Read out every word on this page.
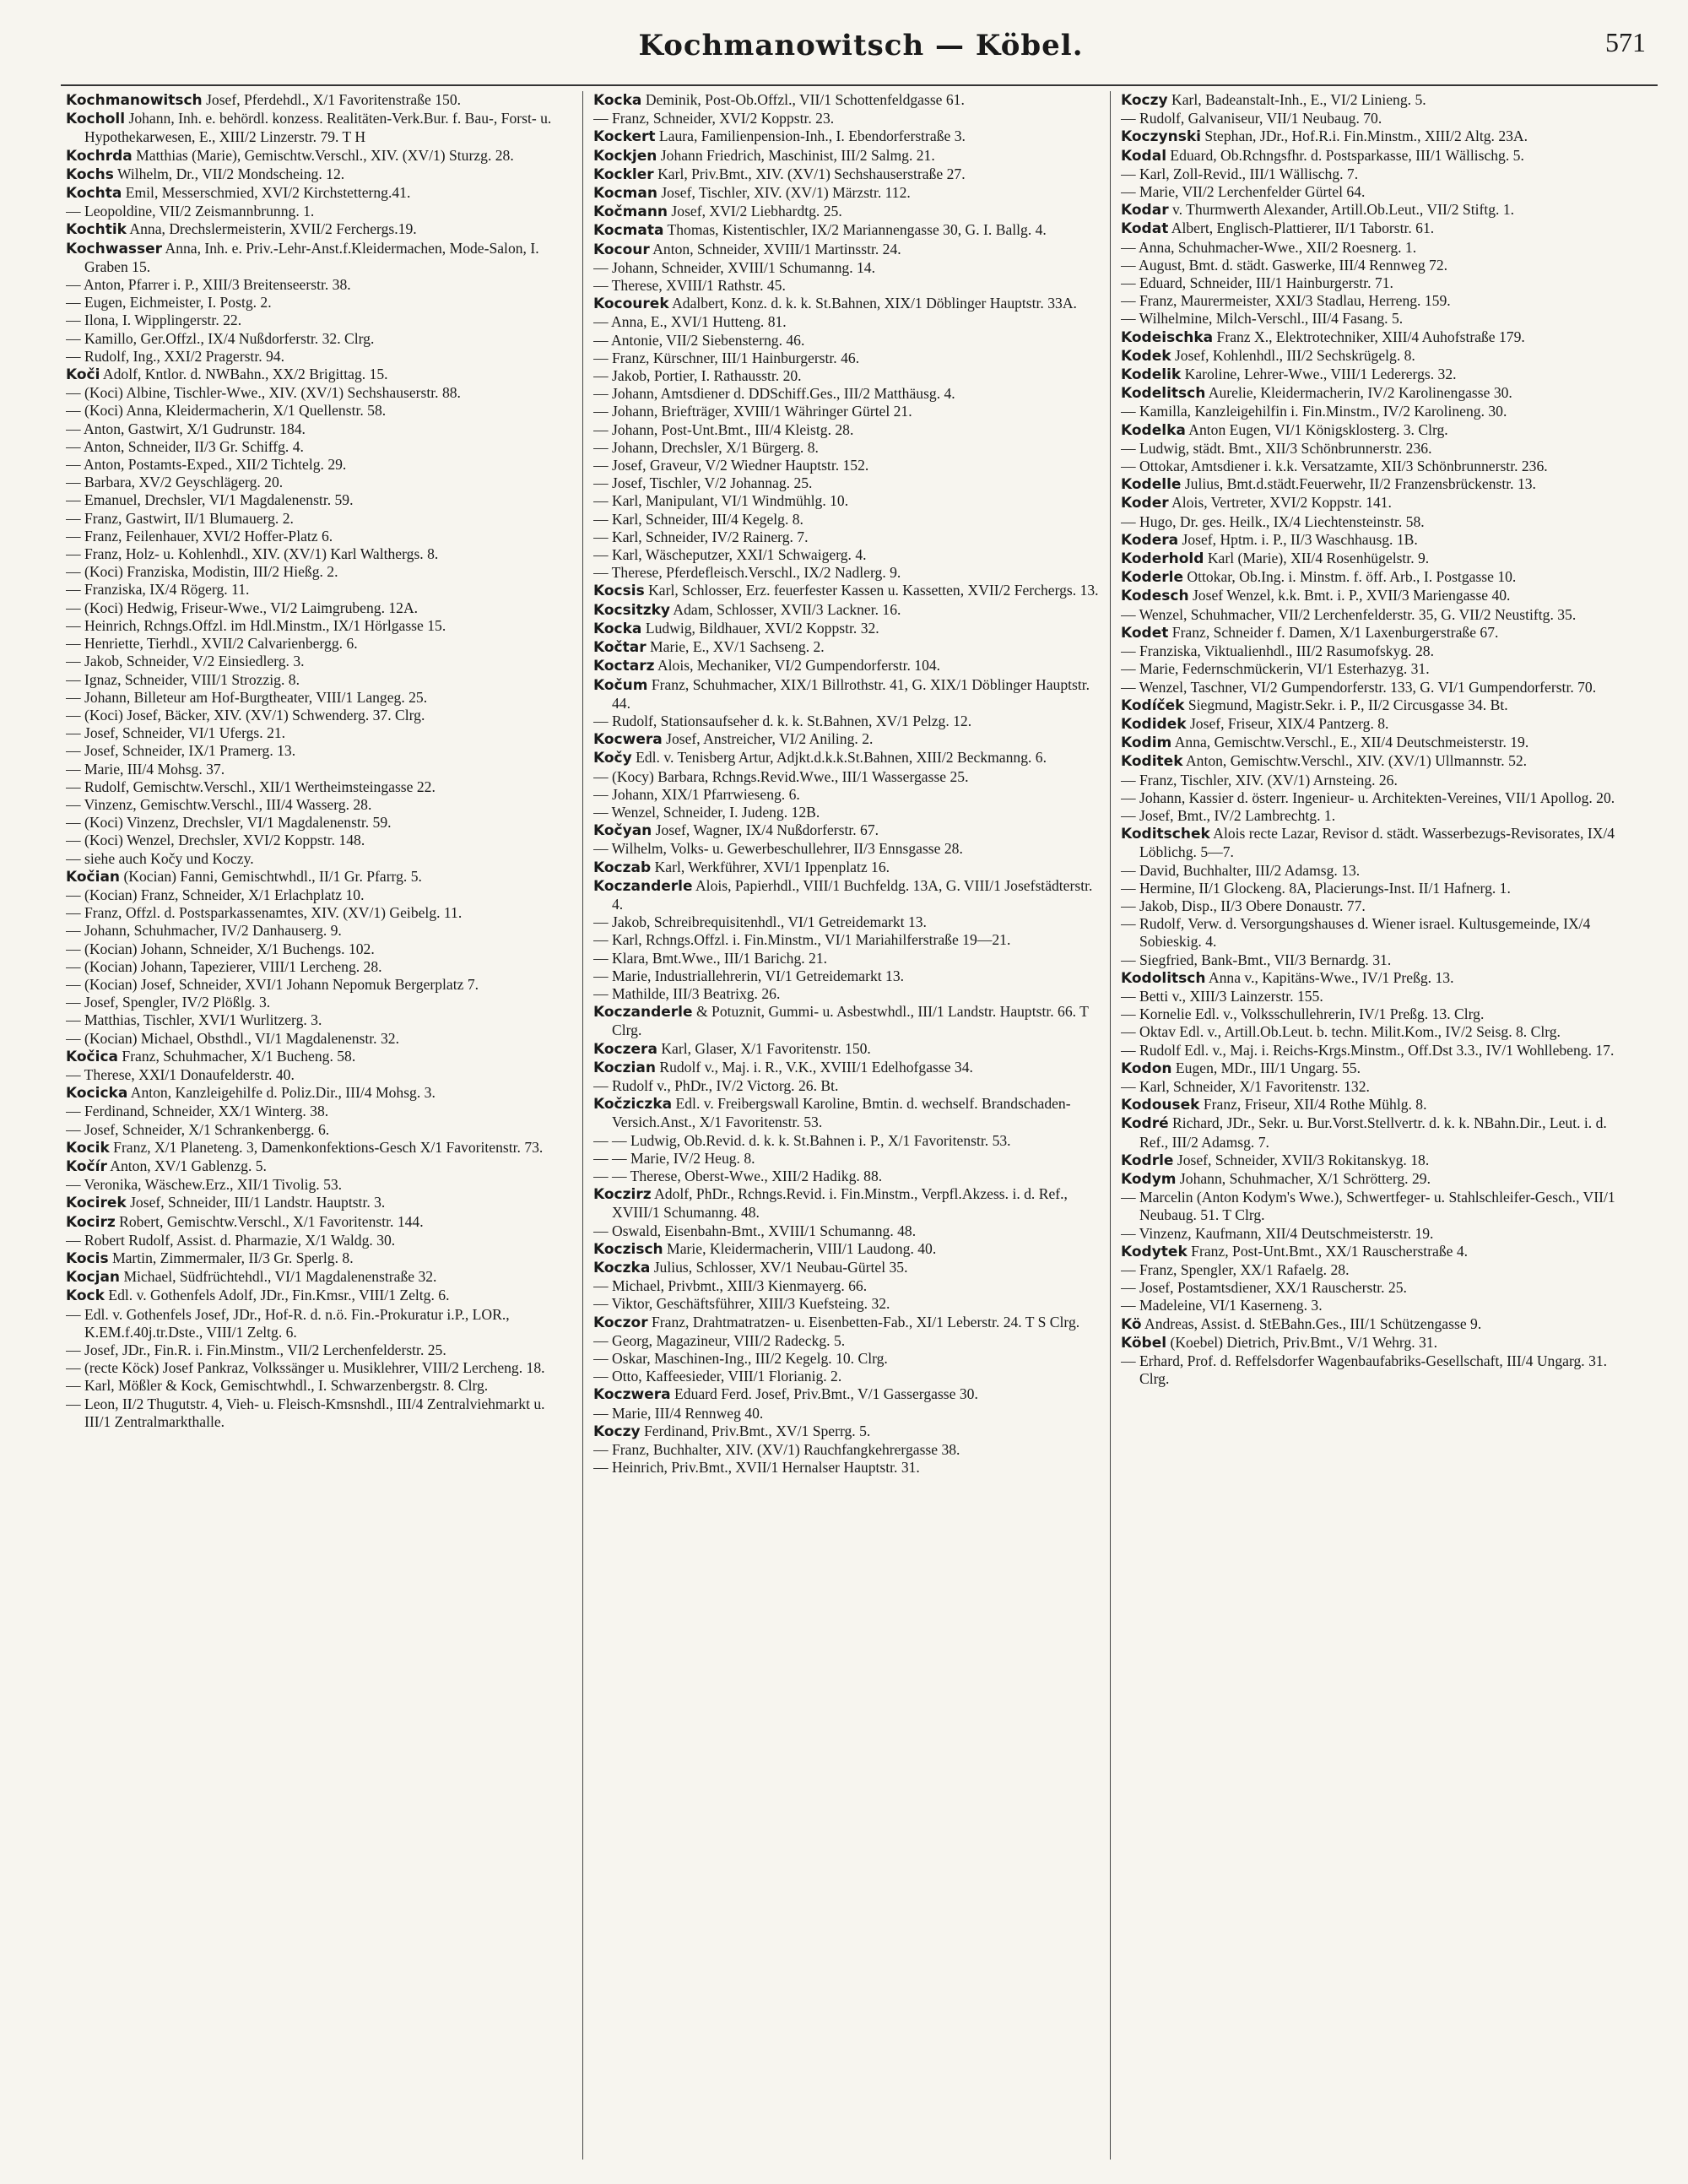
Kochmanowitsch — Köbel.	571

Kochmanowitsch Josef, Pferdehdl., X/1 Favoritenstraße 150.

Kocholl Johann, Inh. e. behördl. konzess. Realitäten-Verk.Bur. f. Bau-, Forst- u. Hypothekarwesen, E., XIII/2 Linzerstr. 79. T H

Kochrda Matthias (Marie), Gemischtw.Verschl., XIV. (XV/1) Sturzg. 28.

Kochs Wilhelm, Dr., VII/2 Mondscheing. 12.

Kochta Emil, Messerschmied, XVI/2 Kirchstetterng.41.

— Leopoldine, VII/2 Zeismannbrunng. 1.

Kochtik Anna, Drechslermeisterin, XVII/2 Ferchergs.19.

Kochwasser Anna, Inh. e. Priv.-Lehr-Anst.f.Kleidermachen, Mode-Salon, I. Graben 15.

— Anton, Pfarrer i. P., XIII/3 Breitenseerstr. 38.

— Eugen, Eichmeister, I. Postg. 2.

— Ilona, I. Wipplingerstr. 22.

— Kamillo, Ger.Offzl., IX/4 Nußdorferstr. 32. Clrg.

— Rudolf, Ing., XXI/2 Pragerstr. 94.

Koči Adolf, Kntlor. d. NWBahn., XX/2 Brigittag. 15.

— (Koci) Albine, Tischler-Wwe., XIV. (XV/1) Sechshauserstr. 88.

— (Koci) Anna, Kleidermacherin, X/1 Quellenstr. 58.

— Anton, Gastwirt, X/1 Gudrunstr. 184.

— Anton, Schneider, II/3 Gr. Schiffg. 4.

— Anton, Postamts-Exped., XII/2 Tichtelg. 29.

— Barbara, XV/2 Geyschlägerg. 20.

— Emanuel, Drechsler, VI/1 Magdalenenstr. 59.

— Franz, Gastwirt, II/1 Blumauerg. 2.

— Franz, Feilenhauer, XVI/2 Hoffer-Platz 6.

— Franz, Holz- u. Kohlenhdl., XIV. (XV/1) Karl Walthergs. 8.

— (Koci) Franziska, Modistin, III/2 Hießg. 2.

— Franziska, IX/4 Rögerg. 11.

— (Koci) Hedwig, Friseur-Wwe., VI/2 Laimgrubeng. 12A.

— Heinrich, Rchngs.Offzl. im Hdl.Minstm., IX/1 Hörlgasse 15.

— Henriette, Tierhdl., XVII/2 Calvarienbergg. 6.

— Jakob, Schneider, V/2 Einsiedlerg. 3.

— Ignaz, Schneider, VIII/1 Strozzig. 8.

— Johann, Billeteur am Hof-Burgtheater, VIII/1 Langeg. 25.

— (Koci) Josef, Bäcker, XIV. (XV/1) Schwenderg. 37. Clrg.

— Josef, Schneider, VI/1 Ufergs. 21.

— Josef, Schneider, IX/1 Pramerg. 13.

— Marie, III/4 Mohsg. 37.

— Rudolf, Gemischtw.Verschl., XII/1 Wertheimsteingasse 22.

— Vinzenz, Gemischtw.Verschl., III/4 Wasserg. 28.

— (Koci) Vinzenz, Drechsler, VI/1 Magdalenenstr. 59.

— (Koci) Wenzel, Drechsler, XVI/2 Koppstr. 148.

— siehe auch Kočy und Koczy.

Kočian (Kocian) Fanni, Gemischtwhdl., II/1 Gr. Pfarrg. 5.

— (Kocian) Franz, Schneider, X/1 Erlachplatz 10.

— Franz, Offzl. d. Postsparkassenamtes, XIV. (XV/1) Geibelg. 11.

— Johann, Schuhmacher, IV/2 Danhauserg. 9.

— (Kocian) Johann, Schneider, X/1 Buchengs. 102.

— (Kocian) Johann, Tapezierer, VIII/1 Lercheng. 28.

— (Kocian) Josef, Schneider, XVI/1 Johann Nepomuk Bergerplatz 7.

— Josef, Spengler, IV/2 Plößlg. 3.

— Matthias, Tischler, XVI/1 Wurlitzerg. 3.

— (Kocian) Michael, Obsthdl., VI/1 Magdalenenstr. 32.

Kočica Franz, Schuhmacher, X/1 Bucheng. 58.

— Therese, XXI/1 Donaufelderstr. 40.

Kocicka Anton, Kanzleigehilfe d. Poliz.Dir., III/4 Mohsg. 3.

— Ferdinand, Schneider, XX/1 Winterg. 38.

— Josef, Schneider, X/1 Schrankenbergg. 6.

Kocik Franz, X/1 Planeteng. 3, Damenkonfektions-Gesch X/1 Favoritenstr. 73.

Kočír Anton, XV/1 Gablenzg. 5.

— Veronika, Wäschew.Erz., XII/1 Tivolig. 53.

Kocirek Josef, Schneider, III/1 Landstr. Hauptstr. 3.

Kocirz Robert, Gemischtw.Verschl., X/1 Favoritenstr. 144.

— Robert Rudolf, Assist. d. Pharmazie, X/1 Waldg. 30.

Kocis Martin, Zimmermaler, II/3 Gr. Sperlg. 8.

Kocjan Michael, Südfrüchtehdl., VI/1 Magdalenenstraße 32.

Kock Edl. v. Gothenfels Adolf, JDr., Fin.Kmsr., VIII/1 Zeltg. 6.

— Edl. v. Gothenfels Josef, JDr., Hof-R. d. n.ö. Fin.-Prokuratur i.P., LOR., K.EM.f.40j.tr.Dste., VIII/1 Zeltg. 6.

— Josef, JDr., Fin.R. i. Fin.Minstm., VII/2 Lerchenfelderstr. 25.

— (recte Köck) Josef Pankraz, Volkssänger u. Musiklehrer, VIII/2 Lercheng. 18.

— Karl, Mößler & Kock, Gemischtwhdl., I. Schwarzenbergstr. 8. Clrg.

— Leon, II/2 Thugutstr. 4, Vieh- u. Fleisch-Kmsnshdl., III/4 Zentralviehmarkt u. III/1 Zentralmarkthalle.

Kocka Deminik, Post-Ob.Offzl., VII/1 Schottenfeldgasse 61.

— Franz, Schneider, XVI/2 Koppstr. 23.

Kockert Laura, Familienpension-Inh., I. Ebendorferstraße 3.

Kockjen Johann Friedrich, Maschinist, III/2 Salmg. 21.

Kockler Karl, Priv.Bmt., XIV. (XV/1) Sechshauserstraße 27.

Kocman Josef, Tischler, XIV. (XV/1) Märzstr. 112.

Kočmann Josef, XVI/2 Liebhardtg. 25.

Kocmata Thomas, Kistentischler, IX/2 Mariannengasse 30, G. I. Ballg. 4.

Kocour Anton, Schneider, XVIII/1 Martinsstr. 24.

— Johann, Schneider, XVIII/1 Schumanng. 14.

— Therese, XVIII/1 Rathstr. 45.

Kocourek Adalbert, Konz. d. k. k. St.Bahnen, XIX/1 Döblinger Hauptstr. 33A.

— Anna, E., XVI/1 Hutteng. 81.

— Antonie, VII/2 Siebensterng. 46.

— Franz, Kürschner, III/1 Hainburgerstr. 46.

— Jakob, Portier, I. Rathausstr. 20.

— Johann, Amtsdiener d. DDSchiff.Ges., III/2 Matthäusg. 4.

— Johann, Briefträger, XVIII/1 Währinger Gürtel 21.

— Johann, Post-Unt.Bmt., III/4 Kleistg. 28.

— Johann, Drechsler, X/1 Bürgerg. 8.

— Josef, Graveur, V/2 Wiedner Hauptstr. 152.

— Josef, Tischler, V/2 Johannag. 25.

— Karl, Manipulant, VI/1 Windmühlg. 10.

— Karl, Schneider, III/4 Kegelg. 8.

— Karl, Schneider, IV/2 Rainerg. 7.

— Karl, Wäscheputzer, XXI/1 Schwaigerg. 4.

— Therese, Pferdefleisch.Verschl., IX/2 Nadlerg. 9.

Kocsis Karl, Schlosser, Erz. feuerfester Kassen u. Kassetten, XVII/2 Ferchergs. 13.

Kocsitzky Adam, Schlosser, XVII/3 Lackner. 16.

Kocka Ludwig, Bildhauer, XVI/2 Koppstr. 32.

Kočtar Marie, E., XV/1 Sachseng. 2.

Koctarz Alois, Mechaniker, VI/2 Gumpendorferstr. 104.

Kočum Franz, Schuhmacher, XIX/1 Billrothstr. 41, G. XIX/1 Döblinger Hauptstr. 44.

— Rudolf, Stationsaufseher d. k. k. St.Bahnen, XV/1 Pelzg. 12.

Kocwera Josef, Anstreicher, VI/2 Aniling. 2.

Kočy Edl. v. Tenisberg Artur, Adjkt.d.k.k.St.Bahnen, XIII/2 Beckmanng. 6.

— (Kocy) Barbara, Rchngs.Revid.Wwe., III/1 Wassergasse 25.

— Johann, XIX/1 Pfarrwieseng. 6.

— Wenzel, Schneider, I. Judeng. 12B.

Kočyan Josef, Wagner, IX/4 Nußdorferstr. 67.

— Wilhelm, Volks- u. Gewerbeschullehrer, II/3 Ennsgasse 28.

Koczab Karl, Werkführer, XVI/1 Ippenplatz 16.

Koczanderle Alois, Papierhdl., VIII/1 Buchfeldg. 13A, G. VIII/1 Josefstädterstr. 4.

— Jakob, Schreibrequisitenhdl., VI/1 Getreidemarkt 13.

— Karl, Rchngs.Offzl. i. Fin.Minstm., VI/1 Mariahilferstraße 19—21.

— Klara, Bmt.Wwe., III/1 Barichg. 21.

— Marie, Industriallehrerin, VI/1 Getreidemarkt 13.

— Mathilde, III/3 Beatrixg. 26.

Koczanderle & Potuznit, Gummi- u. Asbestwhdl., III/1 Landstr. Hauptstr. 66. T Clrg.

Koczera Karl, Glaser, X/1 Favoritenstr. 150.

Koczian Rudolf v., Maj. i. R., V.K., XVIII/1 Edelhofgasse 34.

— Rudolf v., PhDr., IV/2 Victorg. 26. Bt.

Kočziczka Edl. v. Freibergswall Karoline, Bmtin. d. wechself. Brandschaden-Versich.Anst., X/1 Favoritenstr. 53.

— — Ludwig, Ob.Revid. d. k. k. St.Bahnen i. P., X/1 Favoritenstr. 53.

— — Marie, IV/2 Heug. 8.

— — Therese, Oberst-Wwe., XIII/2 Hadikg. 88.

Koczirz Adolf, PhDr., Rchngs.Revid. i. Fin.Minstm., Verpfl.Akzess. i. d. Ref., XVIII/1 Schumanng. 48.

— Oswald, Eisenbahn-Bmt., XVIII/1 Schumanng. 48.

Koczisch Marie, Kleidermacherin, VIII/1 Laudong. 40.

Koczka Julius, Schlosser, XV/1 Neubau-Gürtel 35.

— Michael, Privbmt., XIII/3 Kienmayerg. 66.

— Viktor, Geschäftsführer, XIII/3 Kuefsteing. 32.

Koczor Franz, Drahtmatratzen- u. Eisenbetten-Fab., XI/1 Leberstr. 24. T S Clrg.

— Georg, Magazineur, VIII/2 Radeckg. 5.

— Oskar, Maschinen-Ing., III/2 Kegelg. 10. Clrg.

— Otto, Kaffeesieder, VIII/1 Florianig. 2.

Koczwera Eduard Ferd. Josef, Priv.Bmt., V/1 Gassergasse 30.

— Marie, III/4 Rennweg 40.

Koczy Ferdinand, Priv.Bmt., XV/1 Sperrg. 5.

— Franz, Buchhalter, XIV. (XV/1) Rauchfangkehrergasse 38.

— Heinrich, Priv.Bmt., XVII/1 Hernalser Hauptstr. 31.

Koczy Karl, Badeanstalt-Inh., E., VI/2 Linieng. 5.

— Rudolf, Galvaniseur, VII/1 Neubaug. 70.

Koczynski Stephan, JDr., Hof.R.i. Fin.Minstm., XIII/2 Altg. 23A.

Kodal Eduard, Ob.Rchngsfhr. d. Postsparkasse, III/1 Wällischg. 5.

— Karl, Zoll-Revid., III/1 Wällischg. 7.

— Marie, VII/2 Lerchenfelder Gürtel 64.

Kodar v. Thurmwerth Alexander, Artill.Ob.Leut., VII/2 Stiftg. 1.

Kodat Albert, Englisch-Plattierer, II/1 Taborstr. 61.

— Anna, Schuhmacher-Wwe., XII/2 Roesnerg. 1.

— August, Bmt. d. städt. Gaswerke, III/4 Rennweg 72.

— Eduard, Schneider, III/1 Hainburgerstr. 71.

— Franz, Maurermeister, XXI/3 Stadlau, Herreng. 159.

— Wilhelmine, Milch-Verschl., III/4 Fasang. 5.

Kodeischka Franz X., Elektrotechniker, XIII/4 Auhofstraße 179.

Kodek Josef, Kohlenhdl., III/2 Sechskrügelg. 8.

Kodelik Karoline, Lehrer-Wwe., VIII/1 Lederergs. 32.

Kodelitsch Aurelie, Kleidermacherin, IV/2 Karolinengasse 30.

— Kamilla, Kanzleigehilfin i. Fin.Minstm., IV/2 Karolineng. 30.

Kodelka Anton Eugen, VI/1 Königsklosterg. 3. Clrg.

— Ludwig, städt. Bmt., XII/3 Schönbrunnerstr. 236.

— Ottokar, Amtsdiener i. k.k. Versatzamte, XII/3 Schönbrunnerstr. 236.

Kodelle Julius, Bmt.d.städt.Feuerwehr, II/2 Franzensbrückenstr. 13.

Koder Alois, Vertreter, XVI/2 Koppstr. 141.

— Hugo, Dr. ges. Heilk., IX/4 Liechtensteinstr. 58.

Kodera Josef, Hptm. i. P., II/3 Waschhausg. 1B.

Koderhold Karl (Marie), XII/4 Rosenhügelstr. 9.

Koderle Ottokar, Ob.Ing. i. Minstm. f. öff. Arb., I. Postgasse 10.

Kodesch Josef Wenzel, k.k. Bmt. i. P., XVII/3 Mariengasse 40.

— Wenzel, Schuhmacher, VII/2 Lerchenfelderstr. 35, G. VII/2 Neustiftg. 35.

Kodet Franz, Schneider f. Damen, X/1 Laxenburgerstraße 67.

— Franziska, Viktualienhdl., III/2 Rasumofskyg. 28.

— Marie, Federnschmückerin, VI/1 Esterhazyg. 31.

— Wenzel, Taschner, VI/2 Gumpendorferstr. 133, G. VI/1 Gumpendorferstr. 70.

Kodíček Siegmund, Magistr.Sekr. i. P., II/2 Circusgasse 34. Bt.

Kodidek Josef, Friseur, XIX/4 Pantzerg. 8.

Kodim Anna, Gemischtw.Verschl., E., XII/4 Deutschmeisterstr. 19.

Koditek Anton, Gemischtw.Verschl., XIV. (XV/1) Ullmannstr. 52.

— Franz, Tischler, XIV. (XV/1) Arnsteing. 26.

— Johann, Kassier d. österr. Ingenieur- u. Architekten-Vereines, VII/1 Apollog. 20.

— Josef, Bmt., IV/2 Lambrechtg. 1.

Koditschek Alois recte Lazar, Revisor d. städt. Wasserbezugs-Revisorates, IX/4 Löblichg. 5—7.

— David, Buchhalter, III/2 Adamsg. 13.

— Hermine, II/1 Glockeng. 8A, Placierungs-Inst. II/1 Hafnerg. 1.

— Jakob, Disp., II/3 Obere Donaustr. 77.

— Rudolf, Verw. d. Versorgungshauses d. Wiener israel. Kultusgemeinde, IX/4 Sobieskig. 4.

— Siegfried, Bank-Bmt., VII/3 Bernardg. 31.

Kodolitsch Anna v., Kapitäns-Wwe., IV/1 Preßg. 13.

— Betti v., XIII/3 Lainzerstr. 155.

— Kornelie Edl. v., Volksschullehrerin, IV/1 Preßg. 13. Clrg.

— Oktav Edl. v., Artill.Ob.Leut. b. techn. Milit.Kom., IV/2 Seisg. 8. Clrg.

— Rudolf Edl. v., Maj. i. Reichs-Krgs.Minstm., Off.Dst 3.3., IV/1 Wohllebeng. 17.

Kodon Eugen, MDr., III/1 Ungarg. 55.

— Karl, Schneider, X/1 Favoritenstr. 132.

Kodousek Franz, Friseur, XII/4 Rothe Mühlg. 8.

Kodré Richard, JDr., Sekr. u. Bur.Vorst.Stellvertr. d. k. k. NBahn.Dir., Leut. i. d. Ref., III/2 Adamsg. 7.

Kodrle Josef, Schneider, XVII/3 Rokitanskyg. 18.

Kodym Johann, Schuhmacher, X/1 Schrötterg. 29.

— Marcelin (Anton Kodym's Wwe.), Schwertfeger- u. Stahlschleifer-Gesch., VII/1 Neubaug. 51. T Clrg.

— Vinzenz, Kaufmann, XII/4 Deutschmeisterstr. 19.

Kodytek Franz, Post-Unt.Bmt., XX/1 Rauscherstraße 4.

— Franz, Spengler, XX/1 Rafaelg. 28.

— Josef, Postamtsdiener, XX/1 Rauscherstr. 25.

— Madeleine, VI/1 Kaserneng. 3.

Kö Andreas, Assist. d. StEBahn.Ges., III/1 Schützengasse 9.

Köbel (Koebel) Dietrich, Priv.Bmt., V/1 Wehrg. 31.

— Erhard, Prof. d. Reffelsdorfer Wagenbaufabriks-Gesellschaft, III/4 Ungarg. 31. Clrg.
